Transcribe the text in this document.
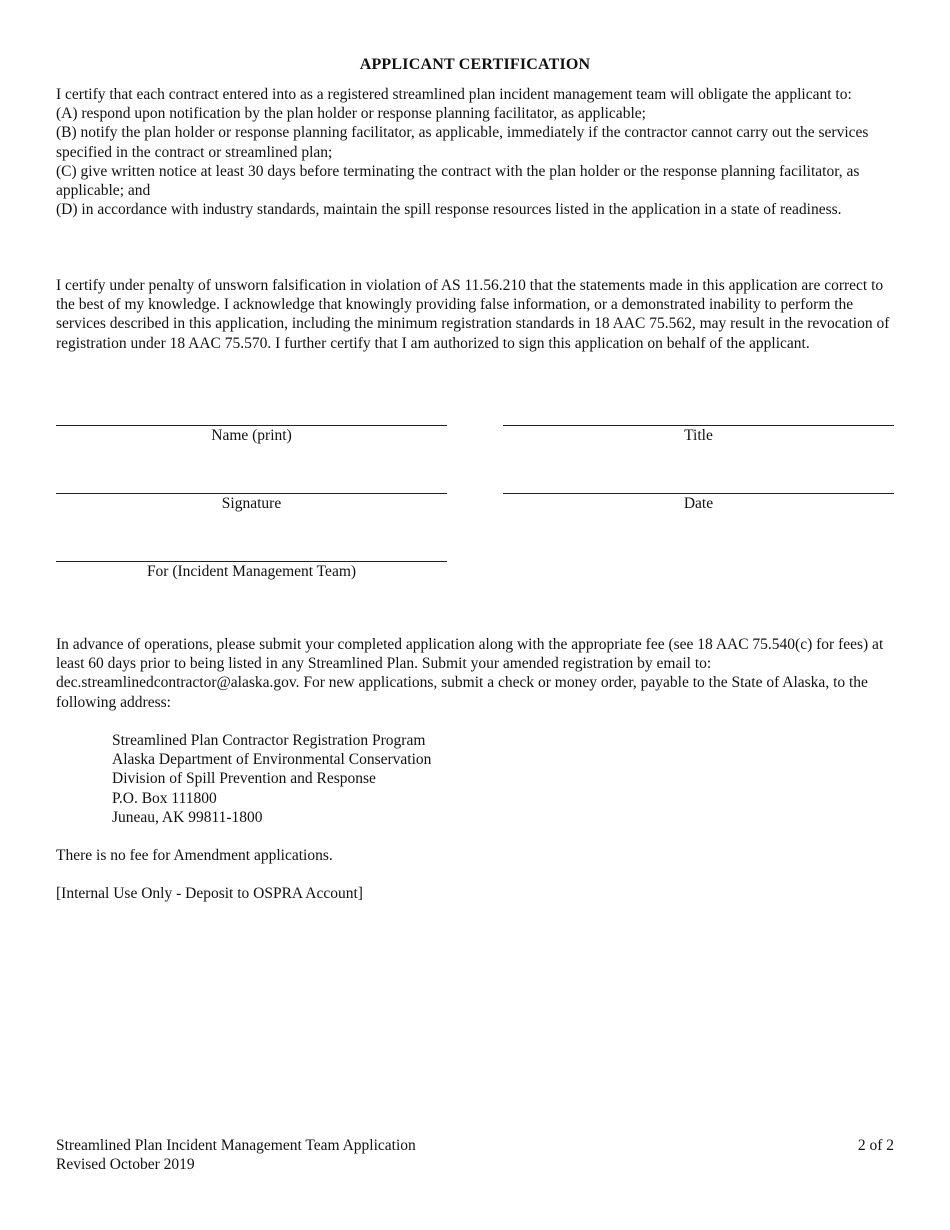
APPLICANT CERTIFICATION

I certify that each contract entered into as a registered streamlined plan incident management team will obligate the applicant to:
(A) respond upon notification by the plan holder or response planning facilitator, as applicable;
(B) notify the plan holder or response planning facilitator, as applicable, immediately if the contractor cannot carry out the services specified in the contract or streamlined plan;
(C) give written notice at least 30 days before terminating the contract with the plan holder or the response planning facilitator, as applicable; and
(D) in accordance with industry standards, maintain the spill response resources listed in the application in a state of readiness.

I certify under penalty of unsworn falsification in violation of AS 11.56.210 that the statements made in this application are correct to the best of my knowledge. I acknowledge that knowingly providing false information, or a demonstrated inability to perform the services described in this application, including the minimum registration standards in 18 AAC 75.562, may result in the revocation of registration under 18 AAC 75.570. I further certify that I am authorized to sign this application on behalf of the applicant.

Name (print)	Title
Signature	Date
For (Incident Management Team)

In advance of operations, please submit your completed application along with the appropriate fee (see 18 AAC 75.540(c) for fees) at least 60 days prior to being listed in any Streamlined Plan. Submit your amended registration by email to: dec.streamlinedcontractor@alaska.gov. For new applications, submit a check or money order, payable to the State of Alaska, to the following address:

Streamlined Plan Contractor Registration Program
Alaska Department of Environmental Conservation
Division of Spill Prevention and Response
P.O. Box 111800
Juneau, AK 99811-1800

There is no fee for Amendment applications.

[Internal Use Only - Deposit to OSPRA Account]

Streamlined Plan Incident Management Team Application
Revised October 2019
2 of 2
